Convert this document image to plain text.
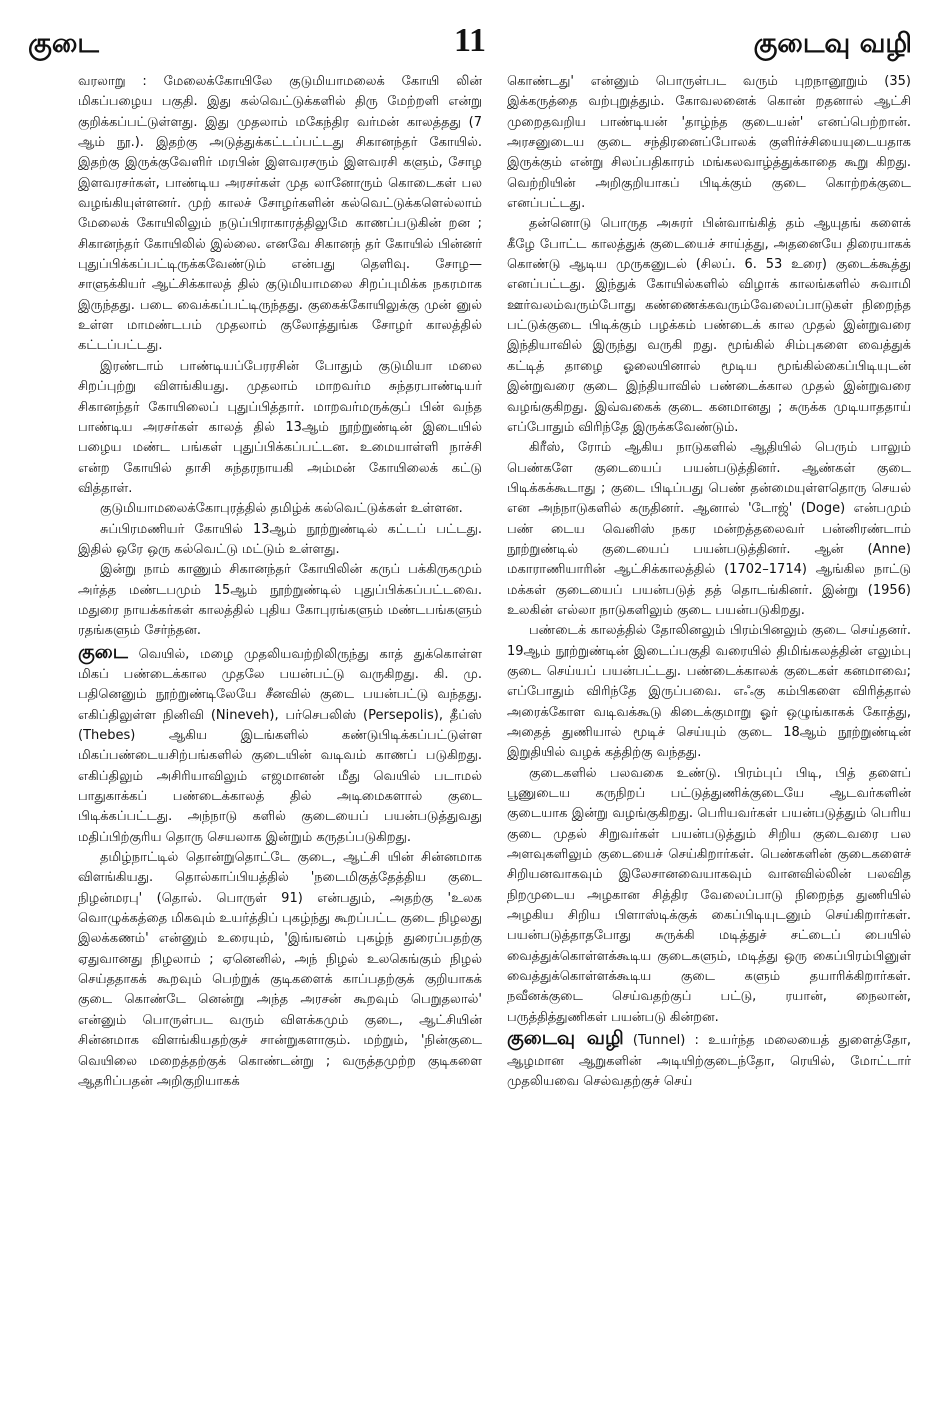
குடை	11	குடைவு வழி

வரலாறு : மேலைக்கோயிலே குடுமியாமலைக் கோயி லின் மிகப்பழைய பகுதி. இது கல்வெட்டுக்களில் திரு மேற்றளி என்று குறிக்கப்பட்டுள்ளது. இது முதலாம் மகேந்திர வர்மன் காலத்தது (7 ஆம் நூ.). இதற்கு அடுத்துக்கட்டப்பட்டது சிகானந்தர் கோயில். இதற்கு இருக்குவேளிர் மரபின் இளவரசரும் இளவரசி களும், சோழ இளவரசர்கள், பாண்டிய அரசர்கள் முத லானோரும் கொடைகள் பல வழங்கியுள்ளனர். முற் காலச் சோழர்களின் கல்வெட்டுக்களெல்லாம் மேலைக் கோயிலிலும் நடுப்பிராகாரத்திலுமே காணப்படுகின் றன ; சிகானந்தர் கோயிலில் இல்லை. எனவே சிகானந் தர் கோயில் பின்னர் புதுப்பிக்கப்பட்டிருக்கவேண்டும் என்பது தெளிவு. சோழ—சாளுக்கியர் ஆட்சிக்காலத் தில் குடுமியாமலை சிறப்புமிக்க நகரமாக இருந்தது. படை வைக்கப்பட்டிருந்தது. குகைக்கோயிலுக்கு முன் னுல் உள்ள மாமண்டபம் முதலாம் குலோத்துங்க சோழர் காலத்தில் கட்டப்பட்டது.

இரண்டாம் பாண்டியப்பேரரசின் போதும் குடுமியா மலை சிறப்புற்று விளங்கியது. முதலாம் மாறவர்ம சுந்தரபாண்டியர் சிகானந்தர் கோயிலைப் புதுப்பித்தார். மாறவர்மருக்குப் பின் வந்த பாண்டிய அரசர்கள் காலத் தில் 13ஆம் நூற்றுண்டின் இடையில் பழைய மண்ட பங்கள் புதுப்பிக்கப்பட்டன. உமையாள்ளி நாச்சி என்ற கோயில் தாசி சுந்தரநாயகி அம்மன் கோயிலைக் கட்டு வித்தாள்.

குடுமியாமலைக்கோபுரத்தில் தமிழ்க் கல்வெட்டுக்கள் உள்ளன.

சுப்பிரமணியர் கோயில் 13ஆம் நூற்றுண்டில் கட்டப் பட்டது. இதில் ஒரே ஒரு கல்வெட்டு மட்டும் உள்ளது.

இன்று நாம் காணும் சிகானந்தர் கோயிலின் கருப் பக்கிருகமும் அர்த்த மண்டபமும் 15ஆம் நூற்றுண்டில் புதுப்பிக்கப்பட்டவை. மதுரை நாயக்கர்கள் காலத்தில் புதிய கோபுரங்களும் மண்டபங்களும் ரதங்களும் சேர்ந்தன.

குடை வெயில், மழை முதலியவற்றிலிருந்து காத் துக்கொள்ள மிகப் பண்டைக்கால முதலே பயன்பட்டு வருகிறது. கி. மு. பதினெனும் நூற்றுண்டிலேயே சீனவில் குடை பயன்பட்டு வந்தது. எகிப்திலுள்ள நினிவி (Nineveh), பர்செபலிஸ் (Persepolis), தீப்ஸ் (Thebes) ஆகிய இடங்களில் கண்டுபிடிக்கப்பட்டுள்ள மிகப்பண்டையசிற்பங்களில் குடையின் வடிவம் காணப் படுகிறது. எகிப்திலும் அசிரியாவிலும் எஜமானன் மீது வெயில் படாமல் பாதுகாக்கப் பண்டைக்காலத் தில் அடிமைகளால் குடை பிடிக்கப்பட்டது. அந்நாடு களில் குடையைப் பயன்படுத்துவது மதிப்பிற்குரிய தொரு செயலாக இன்றும் கருதப்படுகிறது.

தமிழ்நாட்டில் தொன்றுதொட்டே குடை, ஆட்சி யின் சின்னமாக விளங்கியது. தொல்காப்பியத்தில் 'நடைமிகுத்தேத்திய குடை நிழன்மரபு' (தொல். பொருள் 91) என்பதும், அதற்கு 'உலக வொழுக்கத்தை மிகவும் உயர்த்திப் புகழ்ந்து கூறப்பட்ட குடை நிழலது இலக்கணம்' என்னும் உரையும், 'இங்ஙனம் புகழ்ந் துரைப்பதற்கு ஏதுவானது நிழலாம் ; ஏனெனில், அந் நிழல் உலகெங்கும் நிழல் செய்ததாகக் கூறவும் பெற்றுக் குடிகளைக் காப்பதற்குக் குறியாகக் குடை கொண்டே னென்று அந்த அரசன் கூறவும் பெறுதலால்' என்னும் பொருள்பட வரும் விளக்கமும் குடை, ஆட்சியின் சின்னமாக விளங்கியதற்குச் சான்றுகளாகும். மற்றும், 'நின்குடை வெயிலை மறைத்தற்குக் கொண்டன்று ; வருத்தமுற்ற குடிகளை ஆதரிப்பதன் அறிகுறியாகக்

கொண்டது' என்னும் பொருள்பட வரும் புறநானூறும் (35) இக்கருத்தை வற்புறுத்தும். கோவலனைக் கொன் றதனால் ஆட்சி முறைதவறிய பாண்டியன் 'தாழ்ந்த குடையன்' எனப்பெற்றான். அரசனுடைய குடை சந்திரனைப்போலக் குளிர்ச்சியையுடையதாக இருக்கும் என்று சிலப்பதிகாரம் மங்கலவாழ்த்துக்காதை கூறு கிறது. வெற்றியின் அறிகுறியாகப் பிடிக்கும் குடை கொற்றக்குடை எனப்பட்டது.

தன்னொடு பொருத அசுரர் பின்வாங்கித் தம் ஆயுதங் களைக் கீழே போட்ட காலத்துக் குடையைச் சாய்த்து, அதனையே திரையாகக் கொண்டு ஆடிய முருகனுடல் (சிலப். 6. 53 உரை) குடைக்கூத்து எனப்பட்டது. இந்துக் கோயில்களில் விழாக் காலங்களில் சுவாமி ஊர்வலம்வரும்போது கண்ணைக்கவரும்வேலைப்பாடுகள் நிறைந்த பட்டுக்குடை பிடிக்கும் பழக்கம் பண்டைக் கால முதல் இன்றுவரை இந்தியாவில் இருந்து வருகி றது. மூங்கில் சிம்புகளை வைத்துக் கட்டித் தாழை ஓலையினால் மூடிய மூங்கில்கைப்பிடியுடன் இன்றுவரை குடை இந்தியாவில் பண்டைக்கால முதல் இன்றுவரை வழங்குகிறது. இவ்வகைக் குடை கனமானது ; சுருக்க முடியாததாய் எப்போதும் விரிந்தே இருக்கவேண்டும்.

கிரீஸ், ரோம் ஆகிய நாடுகளில் ஆதியில் பெரும் பாலும் பெண்களே குடையைப் பயன்படுத்தினர். ஆண்கள் குடை பிடிக்கக்கூடாது ; குடை பிடிப்பது பெண் தன்மையுள்ளதொரு செயல் என அந்நாடுகளில் கருதினர். ஆனால் 'டோஜ்' (Doge) என்பமும் பண் டைய வெனிஸ் நகர மன்றத்தலைவர் பன்னிரண்டாம் நூற்றுண்டில் குடையைப் பயன்படுத்தினர். ஆன் (Anne) மகாராணியாரின் ஆட்சிக்காலத்தில் (1702–1714) ஆங்கில நாட்டு மக்கள் குடையைப் பயன்படுத் தத் தொடங்கினர். இன்று (1956) உலகின் எல்லா நாடுகளிலும் குடை பயன்படுகிறது.

பண்டைக் காலத்தில் தோலினலும் பிரம்பினலும் குடை செய்தனர். 19ஆம் நூற்றுண்டின் இடைப்பகுதி வரையில் திமிங்கலத்தின் எலும்பு குடை செய்யப் பயன்பட்டது. பண்டைக்காலக் குடைகள் கனமாவை; எப்போதும் விரிந்தே இருப்பவை. எஃகு கம்பிகளை விரித்தால் அரைக்கோள வடிவக்கூடு கிடைக்குமாறு ஓர் ஒழுங்காகக் கோத்து, அதைத் துணியால் மூடிச் செய்யும் குடை 18ஆம் நூற்றுண்டின் இறுதியில் வழக் கத்திற்கு வந்தது.

குடைகளில் பலவகை உண்டு. பிரம்புப் பிடி, பித் தளைப் பூணுடைய கருநிறப் பட்டுத்துணிக்குடையே ஆடவர்களின் குடையாக இன்று வழங்குகிறது. பெரியவர்கள் பயன்படுத்தும் பெரிய குடை முதல் சிறுவர்கள் பயன்படுத்தும் சிறிய குடைவரை பல அளவுகளிலும் குடையைச் செய்கிறார்கள். பெண்களின் குடைகளைச் சிறியனவாகவும் இலேசானவையாகவும் வானவில்லின் பலவித நிறமுடைய அழகான சித்திர வேலைப்பாடு நிறைந்த துணியில் அழகிய சிறிய பிளாஸ்டிக்குக் கைப்பிடியுடனும் செய்கிறார்கள். பயன்படுத்தாதபோது சுருக்கி மடித்துச் சட்டைப் பையில் வைத்துக்கொள்ளக்கூடிய குடைகளும், மடித்து ஒரு கைப்பிரம்பினுள் வைத்துக்கொள்ளக்கூடிய குடை களும் தயாரிக்கிறார்கள். நவீனக்குடை செய்வதற்குப் பட்டு, ரயான், நைலான், பருத்தித்துணிகள் பயன்படு கின்றன.

குடைவு வழி (Tunnel) : உயர்ந்த மலையைத் துளைத்தோ, ஆழமான ஆறுகளின் அடியிற்குடைந்தோ, ரெயில், மோட்டார் முதலியவை செல்வதற்குச் செய்
